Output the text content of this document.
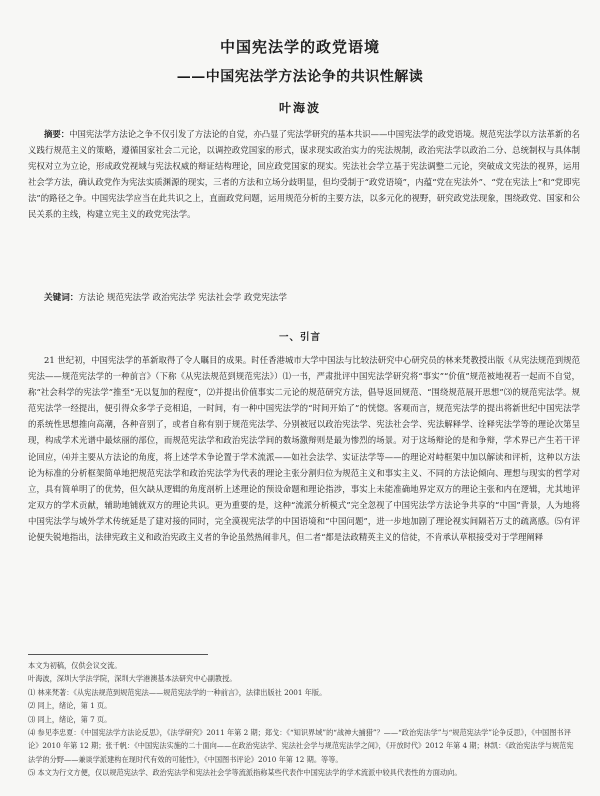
中国宪法学的政党语境
——中国宪法学方法论争的共识性解读
叶海波
摘要：中国宪法学方法论之争不仅引发了方法论的自觉，亦凸显了宪法学研究的基本共识——中国宪法学的政党语境。规范宪法学以方法革新的名义践行规范主义的策略，遵循国家社会二元论，以调控政党国家的形式，谋求现实政治实力的宪法规制，政治宪法学以政治二分、总统制权与具体制宪权对立为立论，形成政党视域与宪法权威的辩证结构理论，回应政党国家的现实。宪法社会学立基于宪法调整二元论，突破成文宪法的视界，运用社会学方法，确认政党作为宪法实质渊源的现实，三者的方法和立场分歧明显，但均受制于“政党语境”，内蕴“党在宪法外”、“党在宪法上”和“党即宪法”的路径之争。中国宪法学应当在此共识之上，直面政党问题，运用规范分析的主要方法，以多元化的视野，研究政党法现象，围绕政党、国家和公民关系的主线，构建立宪主义的政党宪法学。
关键词：方法论 规范宪法学 政治宪法学 宪法社会学 政党宪法学
一、引言
21 世纪初，中国宪法学的革新取得了令人瞩目的成果。时任香港城市大学中国法与比较法研究中心研究员的林来梵教授出版《从宪法规范到规范宪法——规范宪法学的一种前言》（下称《从宪法规范到规范宪法》）⑴一书，严肃批评中国宪法学研究将“事实”“价值”规范被地视若一起而不自觉，称“社会科学的宪法学”推至“无以复加的程度”，⑵并提出价值事实二元论的规范研究方法，倡导返回规范、“围绕规范展开思想”⑶的规范宪法学。规范宪法学一经提出，便引得众多学子竞相追，一时间，有一种中国宪法学的“时间开始了”的恍惚。客观而言，规范宪法学的提出将新世纪中国宪法学的系统性思想推向高潮，各种音别了，或者自称有别于规范宪法学、分别被冠以政治宪法学、宪法社会学、宪法解释学、诠释宪法学等的理论次第呈现，构成学术光谱中最炫丽的部位，而规范宪法学和政治宪法学间的数场激辩则是最为惨烈的场景。对于这场辩论的是和争辩，学术界已产生若干评论回应，⑷并主要从方法论的角度，将上述学术争论置于学术流派——如社会法学、实证法学等——的理论对峙框架中加以解读和评析，这种以方法论为标准的分析框架简单地把规范宪法学和政治宪法学为代表的理论主张分割归位为规范主义和事实主义、不同的方法论倾向、理想与现实的哲学对立，具有简单明了的优势，但欠缺从逻辑的角度剖析上述理论的预设命题和理论指涉，事实上未能准确地界定双方的理论主张和内在逻辑，尤其地评定双方的学术贡献，辅助地铺就双方的理论共识。更为重要的是，这种“流派分析模式”完全忽视了中国宪法学方法论争共享的“中国”背景，人为地将中国宪法学与域外学术传统延是了建对接的同时，完全漠视宪法学的中国语境和“中国问题”，进一步地加剧了理论视实间隔若万丈的疏离感。⑸有评论便失锐地指出，法律宪政主义和政治宪政主义者的争论虽然热闹非凡，但二者“都是法政精英主义的信徒，不肯承认草根接受对于学理阐释
本文为初稿，仅供会议交流。
叶海波，深圳大学法学院，深圳大学港澳基本法研究中心副教授。
⑴ 林来梵著：《从宪法规范到规范宪法——规范宪法学的一种前言》，法律出版社 2001 年版。
⑵ 同上，绪论，第 1 页。
⑶ 同上，绪论，第 7 页。
⑷ 参见李忠夏：《中国宪法学方法论反思》，《法学研究》2011 年第 2 期；郑戈：《“知识界域”的“战神大捕猎”？——“政治宪法学”与“规范宪法学”论争反思》，《中国图书评论》2010 年第 12 期；张千帆：《中国宪法实施的二十面向——在政治宪法学、宪法社会学与规范宪法学之间》，《开放时代》2012 年第 4 期；林凯：《政治宪法学与规范宪法学的分野——兼谈学派建构在现时代有效的可能性》，《中国图书评论》2010 年第 12 期。等等。
⑸ 本文为行文方便，仅以规范宪法学、政治宪法学和宪法社会学等流派指称某些代表作中国宪法学的学术流派中较具代表性的方面动向。
